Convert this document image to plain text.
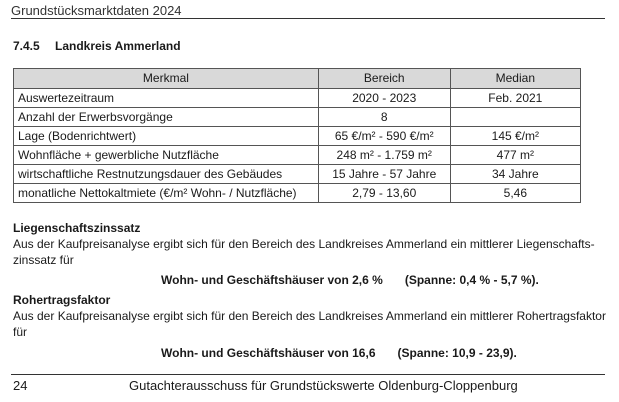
Grundstücksmarktdaten 2024
7.4.5 Landkreis Ammerland
Merkmal	Bereich	Median
Auswertezeitraum	2020 - 2023	Feb. 2021
Anzahl der Erwerbsvorgänge	8	
Lage (Bodenrichtwert)	65 €/m² - 590 €/m²	145 €/m²
Wohnfläche + gewerbliche Nutzfläche	248 m² - 1.759 m²	477 m²
wirtschaftliche Restnutzungsdauer des Gebäudes	15 Jahre - 57 Jahre	34 Jahre
monatliche Nettokaltmiete (€/m² Wohn- / Nutzfläche)	2,79 - 13,60	5,46
Liegenschaftszinssatz
Aus der Kaufpreisanalyse ergibt sich für den Bereich des Landkreises Ammerland ein mittlerer Liegenschafts-
zinssatz für
Wohn- und Geschäftshäuser von 2,6 % (Spanne: 0,4 % - 5,7 %).
Rohertragsfaktor
Aus der Kaufpreisanalyse ergibt sich für den Bereich des Landkreises Ammerland ein mittlerer Rohertragsfaktor
für
Wohn- und Geschäftshäuser von 16,6 (Spanne: 10,9 - 23,9).
24	Gutachterausschuss für Grundstückswerte Oldenburg-Cloppenburg
